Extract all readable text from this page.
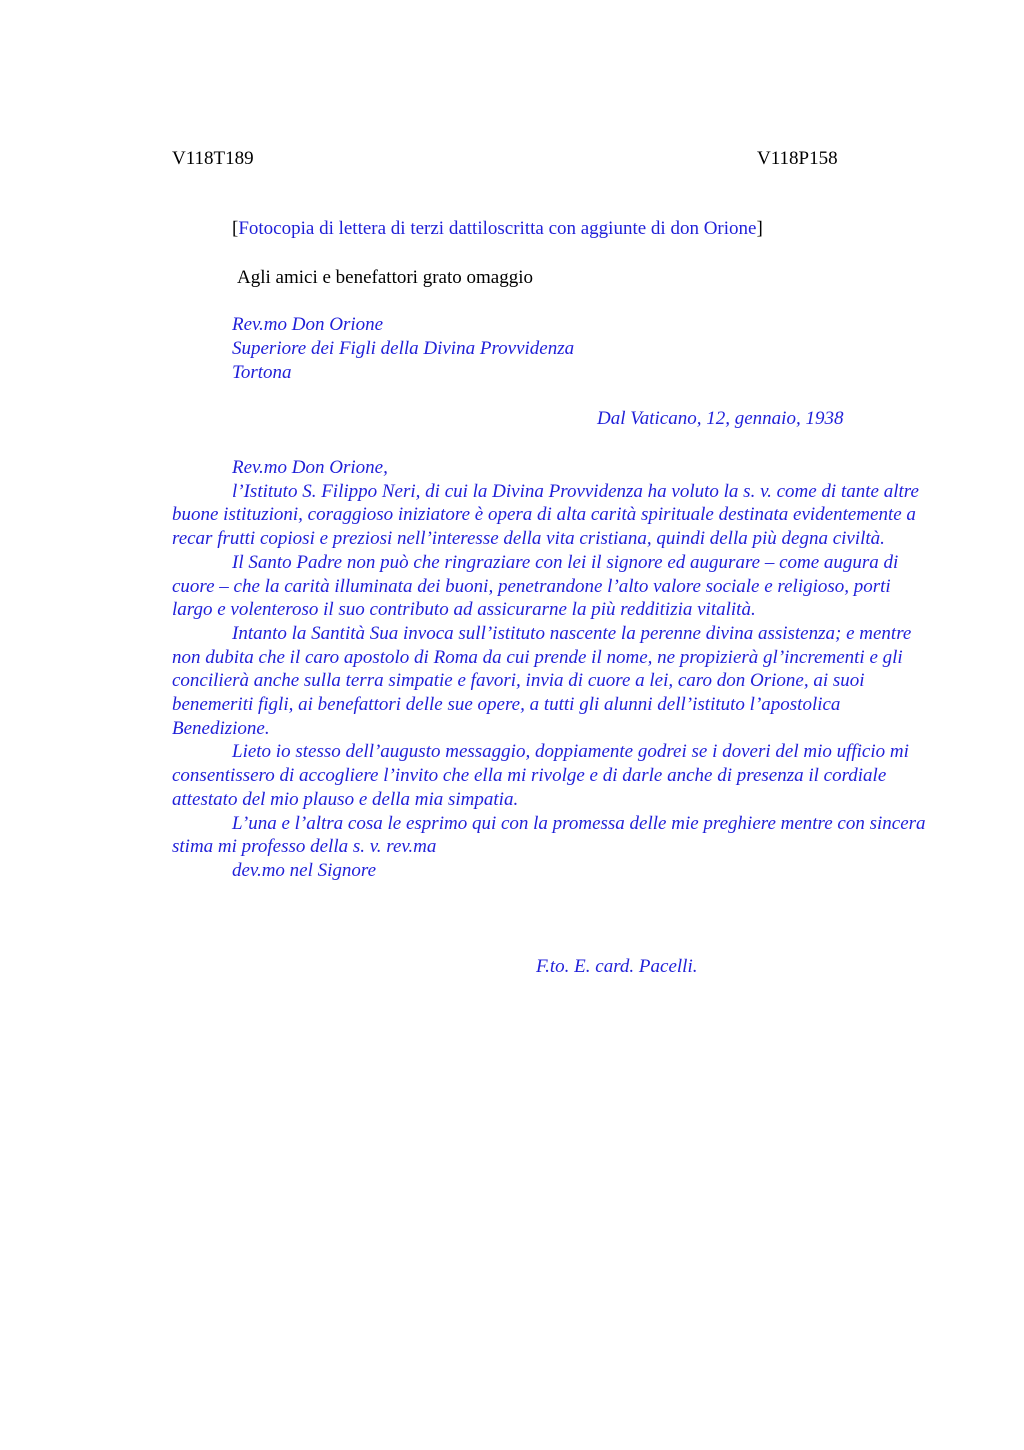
V118T189	V118P158
[Fotocopia di lettera di terzi dattiloscritta con aggiunte di don Orione]
Agli amici e benefattori grato omaggio
Rev.mo Don Orione
Superiore dei Figli della Divina Provvidenza
Tortona
Dal Vaticano, 12, gennaio, 1938
Rev.mo Don Orione,

l’Istituto S. Filippo Neri, di cui la Divina Provvidenza ha voluto la s. v. come di tante altre buone istituzioni, coraggioso iniziatore è opera di alta carità spirituale destinata evidentemente a recar frutti copiosi e preziosi nell’interesse della vita cristiana, quindi della più degna civiltà.

Il Santo Padre non può che ringraziare con lei il signore ed augurare – come augura di cuore – che la carità illuminata dei buoni, penetrandone l’alto valore sociale e religioso, porti largo e volenteroso il suo contributo ad assicurarne la più redditizia vitalità.

Intanto la Santità Sua invoca sull’istituto nascente la perenne divina assistenza; e mentre non dubita che il caro apostolo di Roma da cui prende il nome, ne propizierà gl’incrementi e gli concilierà anche sulla terra simpatie e favori, invia di cuore a lei, caro don Orione, ai suoi benemeriti figli, ai benefattori delle sue opere, a tutti gli alunni dell’istituto l’apostolica Benedizione.

Lieto io stesso dell’augusto messaggio, doppiamente godrei se i doveri del mio ufficio mi consentissero di accogliere l’invito che ella mi rivolge e di darle anche di presenza il cordiale attestato del mio plauso e della mia simpatia.

L’una e l’altra cosa le esprimo qui con la promessa delle mie preghiere mentre con sincera stima mi professo della s. v. rev.ma

dev.mo nel Signore
F.to. E. card. Pacelli.
